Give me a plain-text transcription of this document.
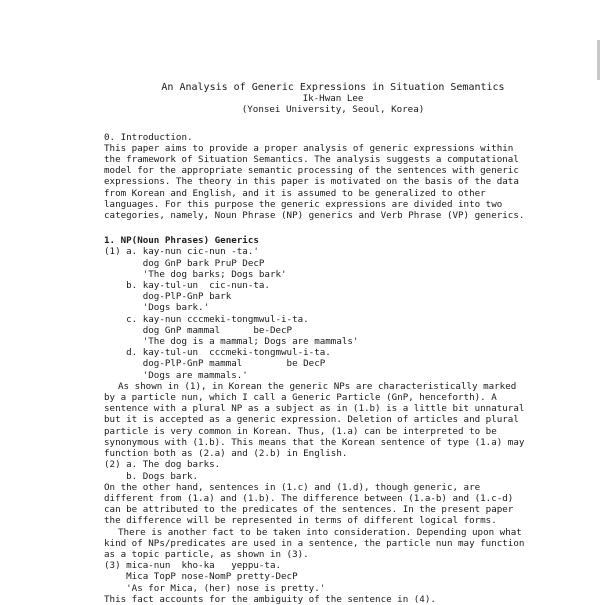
An Analysis of Generic Expressions in Situation Semantics
Ik-Hwan Lee
(Yonsei University, Seoul, Korea)
0. Introduction.
This paper aims to provide a proper analysis of generic expressions within
the framework of Situation Semantics. The analysis suggests a computational
model for the appropriate semantic processing of the sentences with generic
expressions. The theory in this paper is motivated on the basis of the data
from Korean and English, and it is assumed to be generalized to other
languages. For this purpose the generic expressions are divided into two
categories, namely, Noun Phrase (NP) generics and Verb Phrase (VP) generics.
1. NP(Noun Phrases) Generics
(1) a. kay-nun cic-nun -ta.'
dog GnP bark PruP DecP
'The dog barks; Dogs bark'
b. kay-tul-un  cic-nun-ta.
dog-PlP-GnP bark
'Dogs bark.'
c. kay-nun cccmeki-tongmwul-i-ta.
dog GnP mammal      be-DecP
'The dog is a mammal; Dogs are mammals'
d. kay-tul-un  cccmeki-tongmwul-i-ta.
dog-PlP-GnP mammal        be DecP
'Dogs are mammals.'
As shown in (1), in Korean the generic NPs are characteristically marked
by a particle nun, which I call a Generic Particle (GnP, henceforth). A
sentence with a plural NP as a subject as in (1.b) is a little bit unnatural
but it is accepted as a generic expression. Deletion of articles and plural
particle is very common in Korean. Thus, (1.a) can be interpreted to be
synonymous with (1.b). This means that the Korean sentence of type (1.a) may
function both as (2.a) and (2.b) in English.
(2) a. The dog barks.
b. Dogs bark.
On the other hand, sentences in (1.c) and (1.d), though generic, are
different from (1.a) and (1.b). The difference between (1.a-b) and (1.c-d)
can be attributed to the predicates of the sentences. In the present paper
the difference will be represented in terms of different logical forms.
There is another fact to be taken into consideration. Depending upon what
kind of NPs/predicates are used in a sentence, the particle nun may function
as a topic particle, as shown in (3).
(3) mica-nun  kho-ka   yeppu-ta.
Mica TopP nose-NomP pretty-DecP
'As for Mica, (her) nose is pretty.'
This fact accounts for the ambiguity of the sentence in (4).
